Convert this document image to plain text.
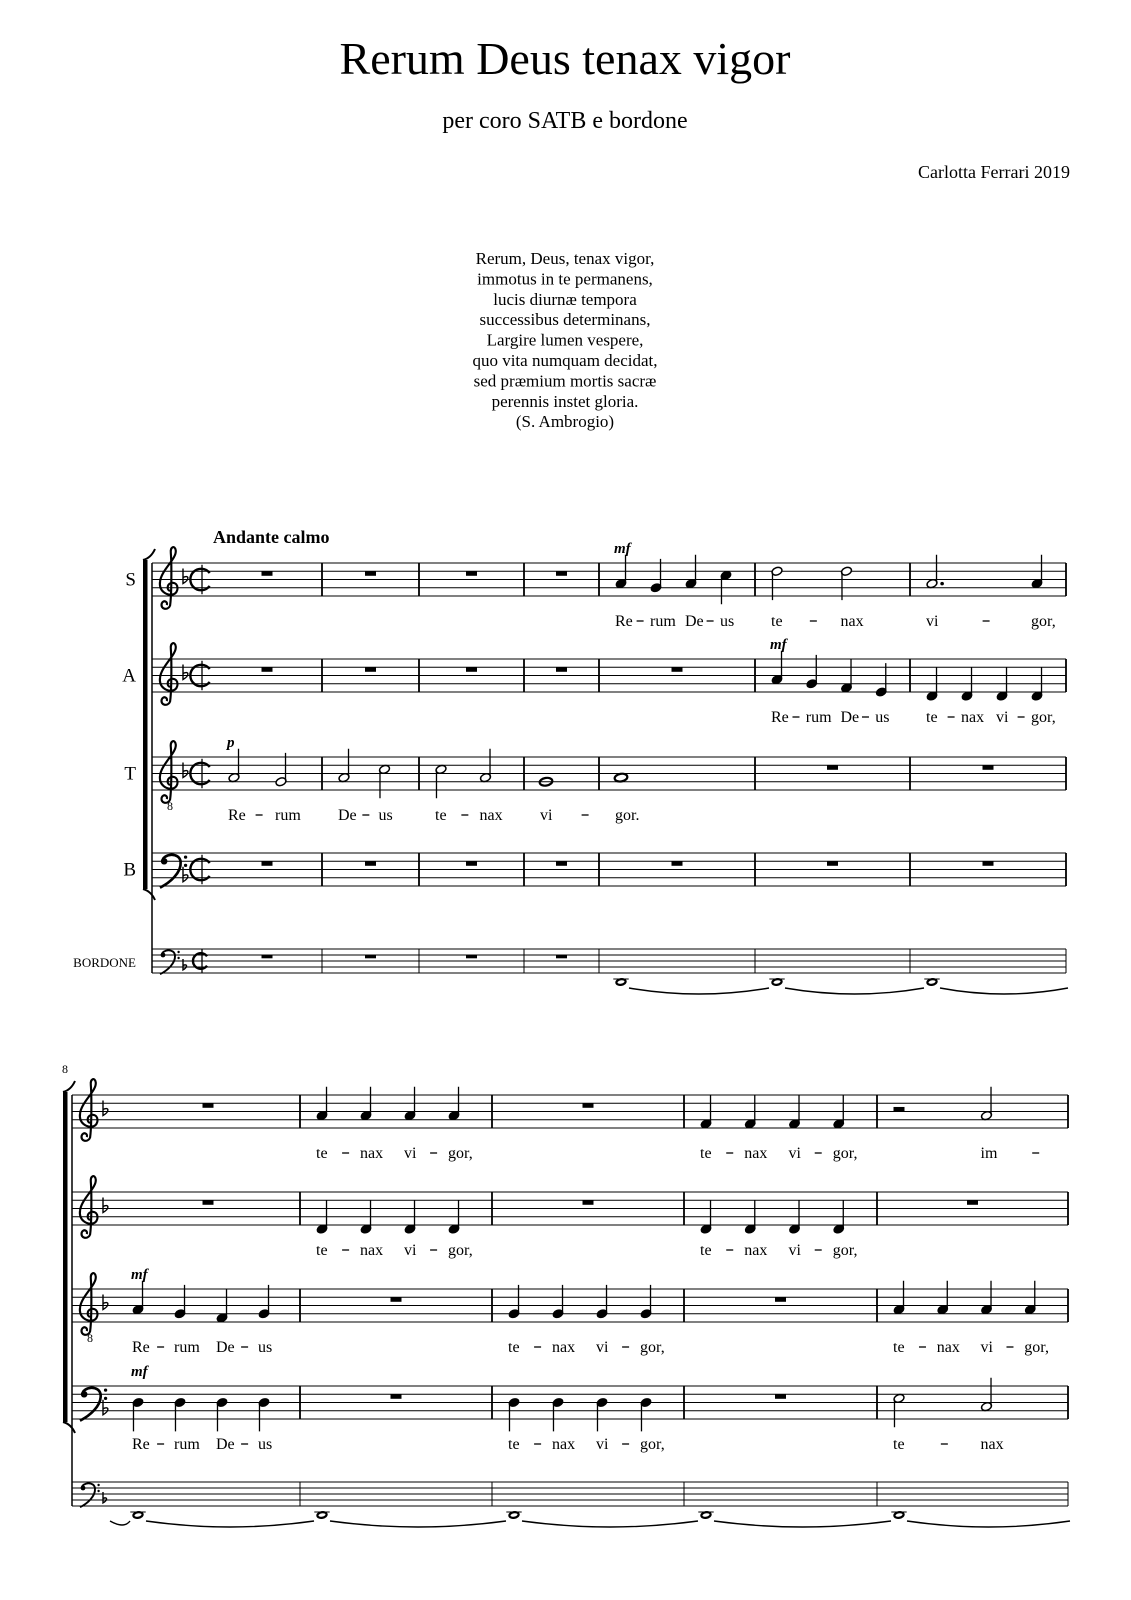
Rerum Deus tenax vigor
per coro SATB e bordone
Carlotta Ferrari 2019
Rerum, Deus, tenax vigor,
immotus in te permanens,
lucis diurnæ tempora
successibus determinans,
Largire lumen vespere,
quo vita numquam decidat,
sed præmium mortis sacræ
perennis instet gloria.
(S. Ambrogio)
Andante calmo
S
mf
Re rum De us te	nax	vi	gor,
A
mf
Re rum De us te nax vi gor,
T
8
p
Re rum De us	te nax vi	gor.
B
BORDONE
8
te nax vi gor,	te nax vi gor,	im
te nax vi gor,	te nax vi gor,
8
mf
Re rum De us	te nax vi gor,	te nax vi gor,
mf
Re rum De us	te nax vi gor,	te	nax
